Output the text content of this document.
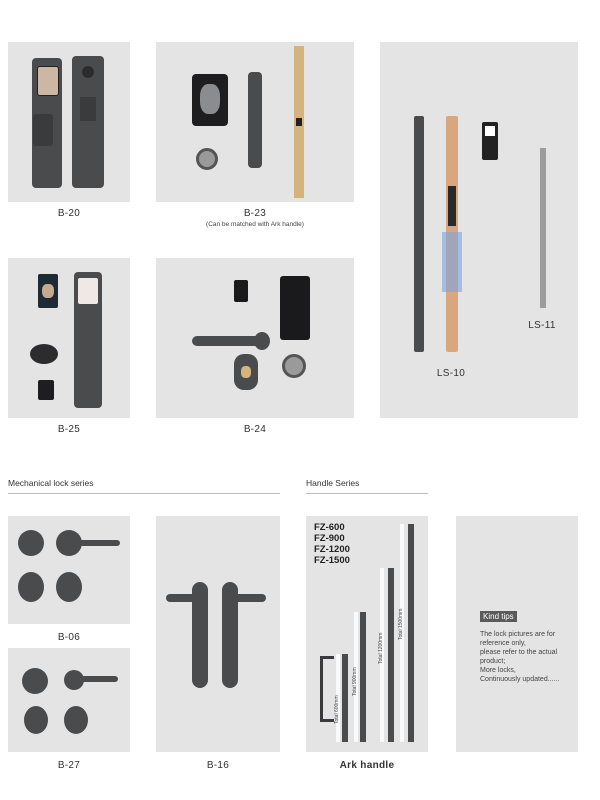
B-20	B-23
(Can be matched with Ark handle)
LS-10
LS-11
B-25	B-24
Mechanical lock series	Handle Series
B-06
B-27	B-16
FZ-600
FZ-900
FZ-1200
FZ-1500
Total 600mm
Total 900mm
Total 1200mm
Total 1500mm
Ark handle
Kind tips
The lock pictures are for
reference only,
please refer to the actual
product;
More locks,
Continuously updated......
